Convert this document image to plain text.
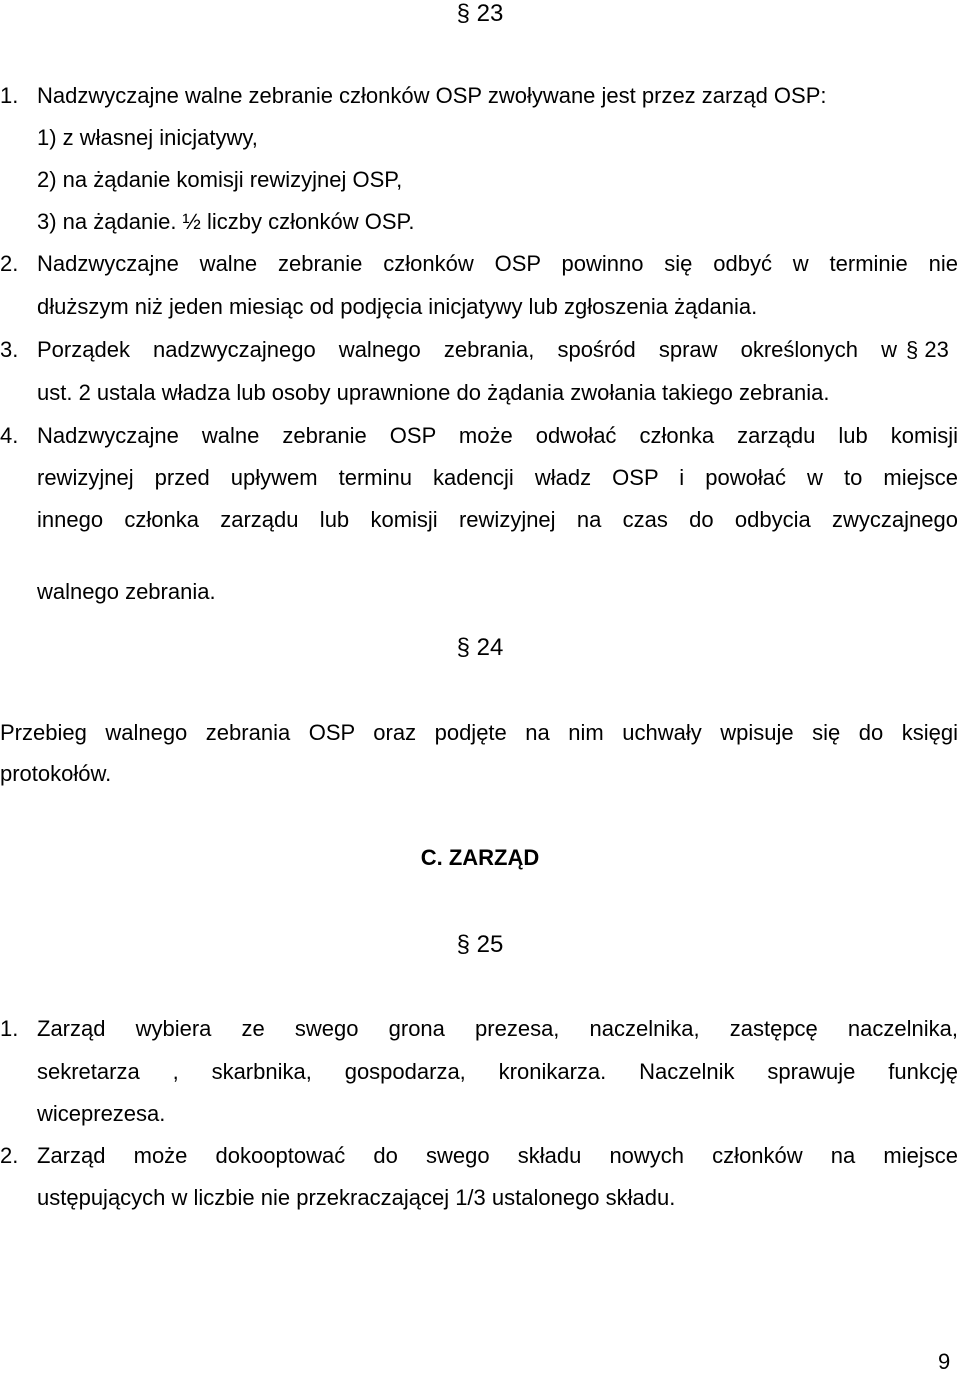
§ 23
1. Nadzwyczajne walne zebranie członków OSP zwoływane jest przez zarząd OSP:
1) z własnej inicjatywy,
2) na żądanie komisji rewizyjnej OSP,
3) na żądanie. ½ liczby członków OSP.
2. Nadzwyczajne walne zebranie członków OSP powinno się odbyć w terminie nie
dłuższym niż jeden miesiąc od podjęcia inicjatywy lub zgłoszenia żądania.
3. Porządek nadzwyczajnego walnego zebrania, spośród spraw określonych w § 23
ust. 2 ustala władza lub osoby uprawnione do żądania zwołania takiego zebrania.
4. Nadzwyczajne walne zebranie OSP może odwołać członka zarządu lub komisji
rewizyjnej przed upływem terminu kadencji władz OSP i powołać w to miejsce
innego członka zarządu lub komisji rewizyjnej na czas do odbycia zwyczajnego
walnego zebrania.
§ 24
Przebieg walnego zebrania OSP oraz podjęte na nim uchwały wpisuje się do księgi
protokołów.
C. ZARZĄD
§ 25
1. Zarząd wybiera ze swego grona prezesa, naczelnika, zastępcę naczelnika,
sekretarza , skarbnika, gospodarza, kronikarza. Naczelnik sprawuje funkcję
wiceprezesa.
2. Zarząd może dokooptować do swego składu nowych członków na miejsce
ustępujących w liczbie nie przekraczającej 1/3 ustalonego składu.
9
